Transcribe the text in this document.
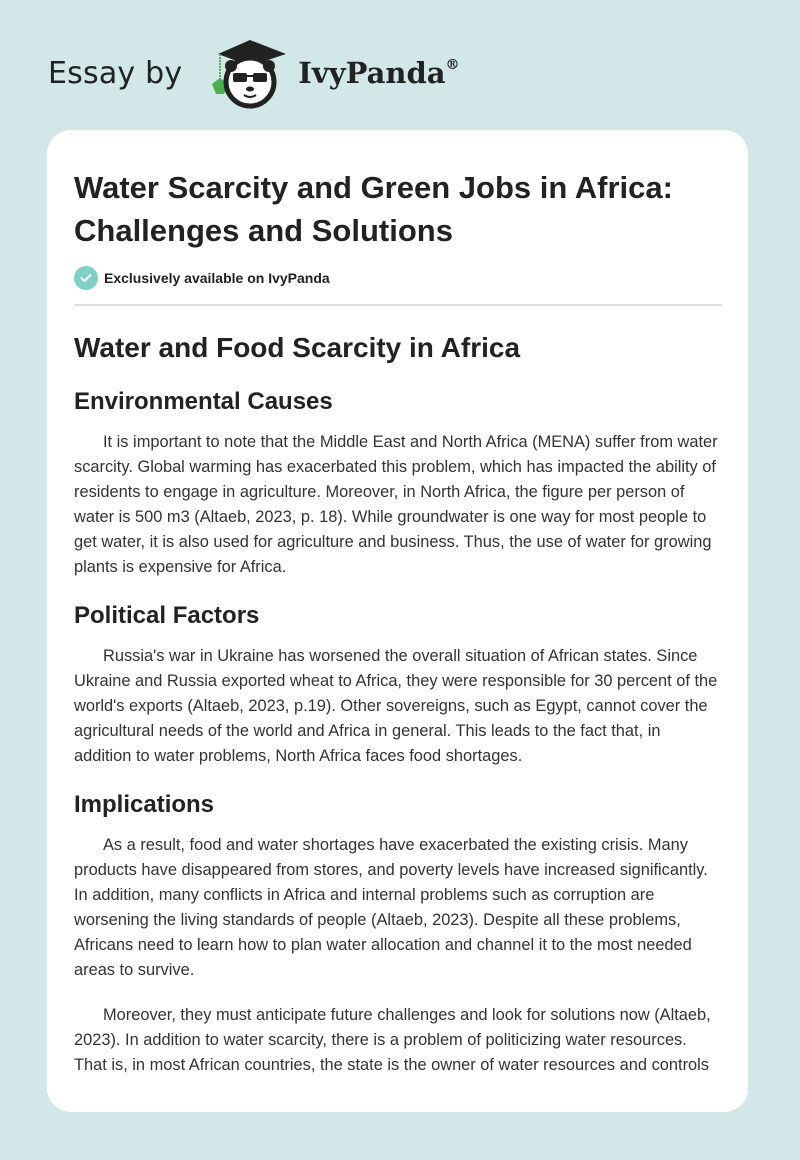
Essay by	IvyPanda®
Water Scarcity and Green Jobs in Africa: Challenges and Solutions
Exclusively available on IvyPanda
Water and Food Scarcity in Africa
Environmental Causes

It is important to note that the Middle East and North Africa (MENA) suffer from water scarcity. Global warming has exacerbated this problem, which has impacted the ability of residents to engage in agriculture. Moreover, in North Africa, the figure per person of water is 500 m3 (Altaeb, 2023, p. 18). While groundwater is one way for most people to get water, it is also used for agriculture and business. Thus, the use of water for growing plants is expensive for Africa.

Political Factors

Russia's war in Ukraine has worsened the overall situation of African states. Since Ukraine and Russia exported wheat to Africa, they were responsible for 30 percent of the world's exports (Altaeb, 2023, p.19). Other sovereigns, such as Egypt, cannot cover the agricultural needs of the world and Africa in general. This leads to the fact that, in addition to water problems, North Africa faces food shortages.

Implications

As a result, food and water shortages have exacerbated the existing crisis. Many products have disappeared from stores, and poverty levels have increased significantly. In addition, many conflicts in Africa and internal problems such as corruption are worsening the living standards of people (Altaeb, 2023). Despite all these problems, Africans need to learn how to plan water allocation and channel it to the most needed areas to survive.

Moreover, they must anticipate future challenges and look for solutions now (Altaeb, 2023). In addition to water scarcity, there is a problem of politicizing water resources. That is, in most African countries, the state is the owner of water resources and controls
